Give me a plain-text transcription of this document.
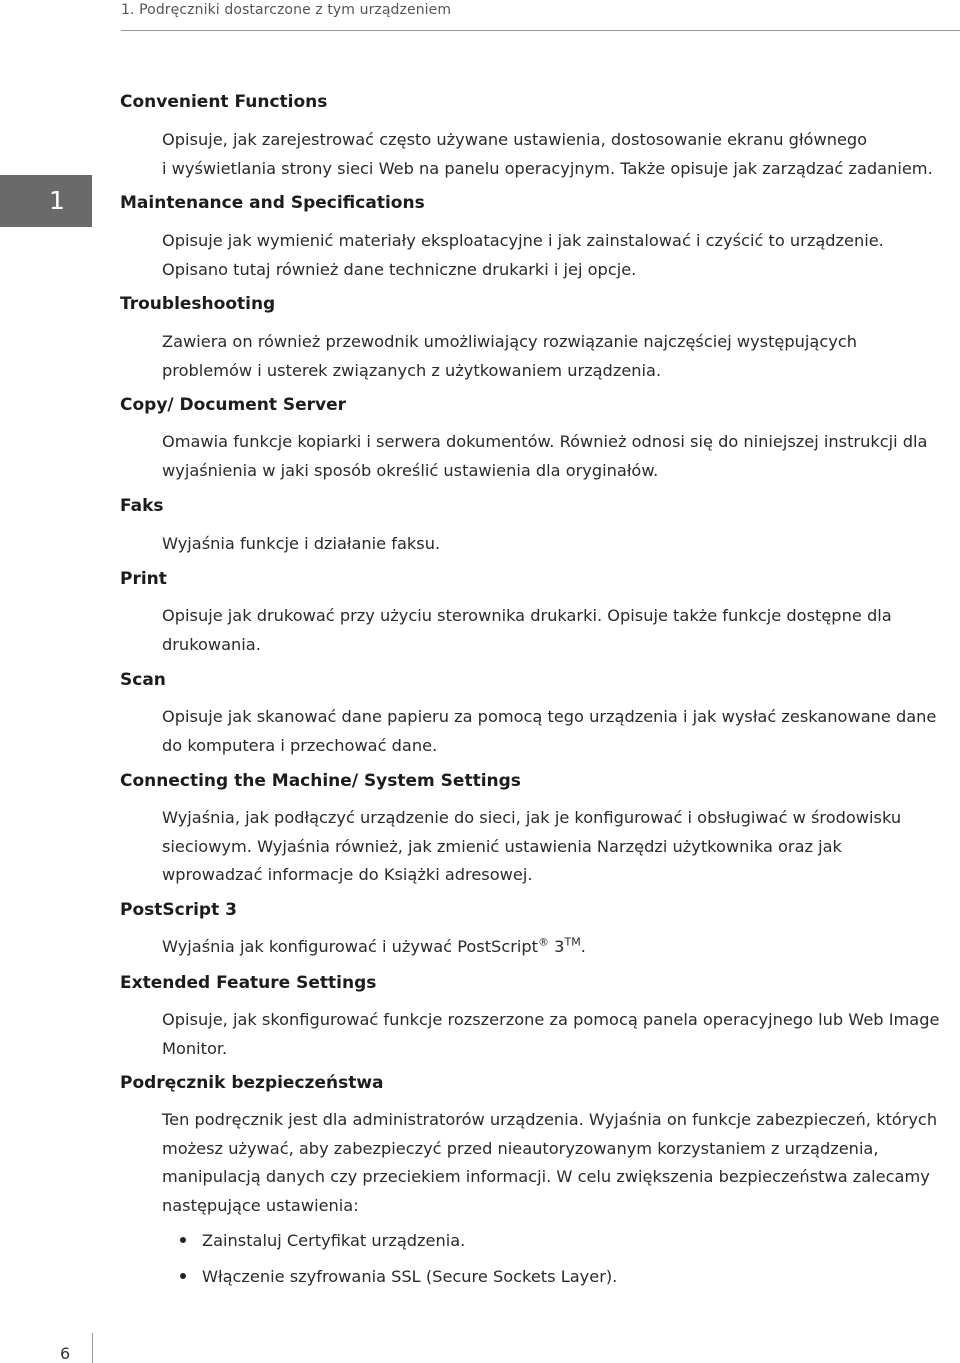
1. Podręczniki dostarczone z tym urządzeniem
1
Convenient Functions
Opisuje, jak zarejestrować często używane ustawienia, dostosowanie ekranu głównego
i wyświetlania strony sieci Web na panelu operacyjnym. Także opisuje jak zarządzać zadaniem.
Maintenance and Specifications
Opisuje jak wymienić materiały eksploatacyjne i jak zainstalować i czyścić to urządzenie.
Opisano tutaj również dane techniczne drukarki i jej opcje.
Troubleshooting
Zawiera on również przewodnik umożliwiający rozwiązanie najczęściej występujących
problemów i usterek związanych z użytkowaniem urządzenia.
Copy/ Document Server
Omawia funkcje kopiarki i serwera dokumentów. Również odnosi się do niniejszej instrukcji dla
wyjaśnienia w jaki sposób określić ustawienia dla oryginałów.
Faks
Wyjaśnia funkcje i działanie faksu.
Print
Opisuje jak drukować przy użyciu sterownika drukarki. Opisuje także funkcje dostępne dla
drukowania.
Scan
Opisuje jak skanować dane papieru za pomocą tego urządzenia i jak wysłać zeskanowane dane
do komputera i przechować dane.
Connecting the Machine/ System Settings
Wyjaśnia, jak podłączyć urządzenie do sieci, jak je konfigurować i obsługiwać w środowisku
sieciowym. Wyjaśnia również, jak zmienić ustawienia Narzędzi użytkownika oraz jak
wprowadzać informacje do Książki adresowej.
PostScript 3
Wyjaśnia jak konfigurować i używać PostScript® 3™.
Extended Feature Settings
Opisuje, jak skonfigurować funkcje rozszerzone za pomocą panela operacyjnego lub Web Image
Monitor.
Podręcznik bezpieczeństwa
Ten podręcznik jest dla administratorów urządzenia. Wyjaśnia on funkcje zabezpieczeń, których
możesz używać, aby zabezpieczyć przed nieautoryzowanym korzystaniem z urządzenia,
manipulacją danych czy przeciekiem informacji. W celu zwiększenia bezpieczeństwa zalecamy
następujące ustawienia:
Zainstaluj Certyfikat urządzenia.
Włączenie szyfrowania SSL (Secure Sockets Layer).
6
